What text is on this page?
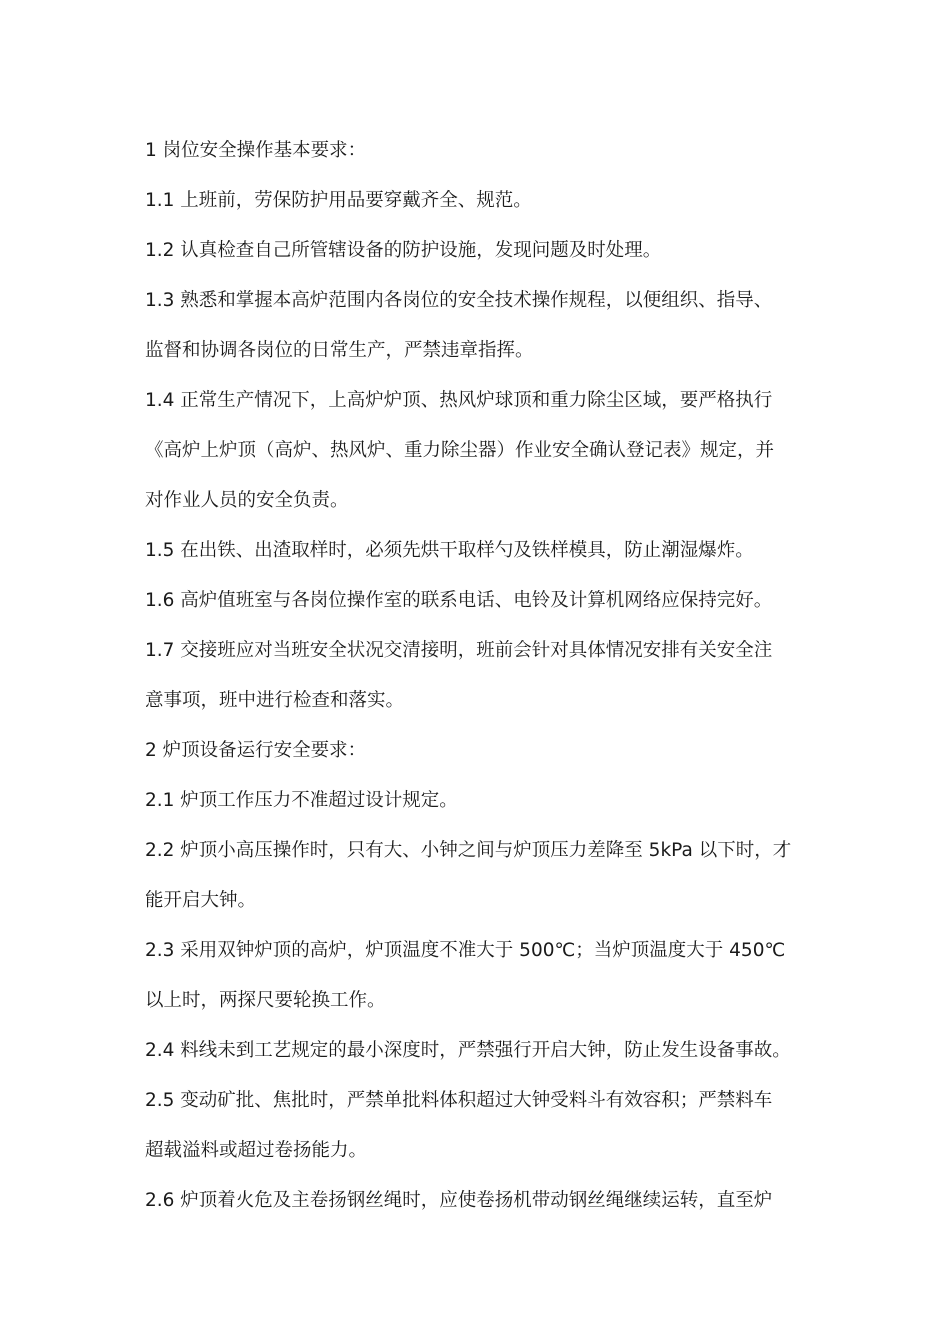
1 岗位安全操作基本要求：
1.1 上班前，劳保防护用品要穿戴齐全、规范。
1.2 认真检查自己所管辖设备的防护设施，发现问题及时处理。
1.3 熟悉和掌握本高炉范围内各岗位的安全技术操作规程，以便组织、指导、
监督和协调各岗位的日常生产，严禁违章指挥。
1.4 正常生产情况下，上高炉炉顶、热风炉球顶和重力除尘区域，要严格执行
《高炉上炉顶（高炉、热风炉、重力除尘器）作业安全确认登记表》规定，并
对作业人员的安全负责。
1.5 在出铁、出渣取样时，必须先烘干取样勺及铁样模具，防止潮湿爆炸。
1.6 高炉值班室与各岗位操作室的联系电话、电铃及计算机网络应保持完好。
1.7 交接班应对当班安全状况交清接明，班前会针对具体情况安排有关安全注
意事项，班中进行检查和落实。
2 炉顶设备运行安全要求：
2.1 炉顶工作压力不准超过设计规定。
2.2 炉顶小高压操作时，只有大、小钟之间与炉顶压力差降至 5kPa 以下时，才
能开启大钟。
2.3 采用双钟炉顶的高炉，炉顶温度不准大于 500℃；当炉顶温度大于 450℃
以上时，两探尺要轮换工作。
2.4 料线未到工艺规定的最小深度时，严禁强行开启大钟，防止发生设备事故。
2.5 变动矿批、焦批时，严禁单批料体积超过大钟受料斗有效容积；严禁料车
超载溢料或超过卷扬能力。
2.6 炉顶着火危及主卷扬钢丝绳时，应使卷扬机带动钢丝绳继续运转，直至炉
